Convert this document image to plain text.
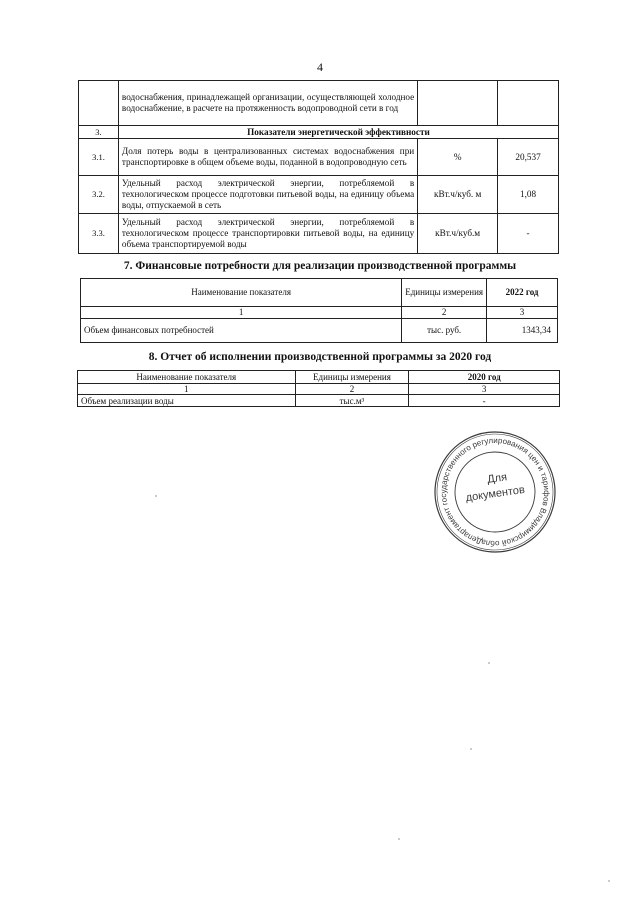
4
	водоснабжения, принадлежащей организации, осуществляющей холодное водоснабжение, в расчете на протяженность водопроводной сети в год		
3.	Показатели энергетической эффективности		
3.1.	Доля потерь воды в централизованных системах водоснабжения при транспортировке в общем объеме воды, поданной в водопроводную сеть	%	20,537
3.2.	Удельный расход электрической энергии, потребляемой в технологическом процессе подготовки питьевой воды, на единицу объема воды, отпускаемой в сеть	кВт.ч/куб. м	1,08
3.3.	Удельный расход электрической энергии, потребляемой в технологическом процессе транспортировки питьевой воды, на единицу объема транспортируемой воды	кВт.ч/куб.м	-
7. Финансовые потребности для реализации производственной программы
Наименование показателя	Единицы измерения	2022 год
1	2	3
Объем финансовых потребностей	тыс. руб.	1343,34
8. Отчет об исполнении производственной программы за 2020 год
Наименование показателя	Единицы измерения	2020 год
1	2	3
Объем реализации воды	тыс.м³	-
Департамент государственного регулирования цен и тарифов Владимирской области
Для
документов
